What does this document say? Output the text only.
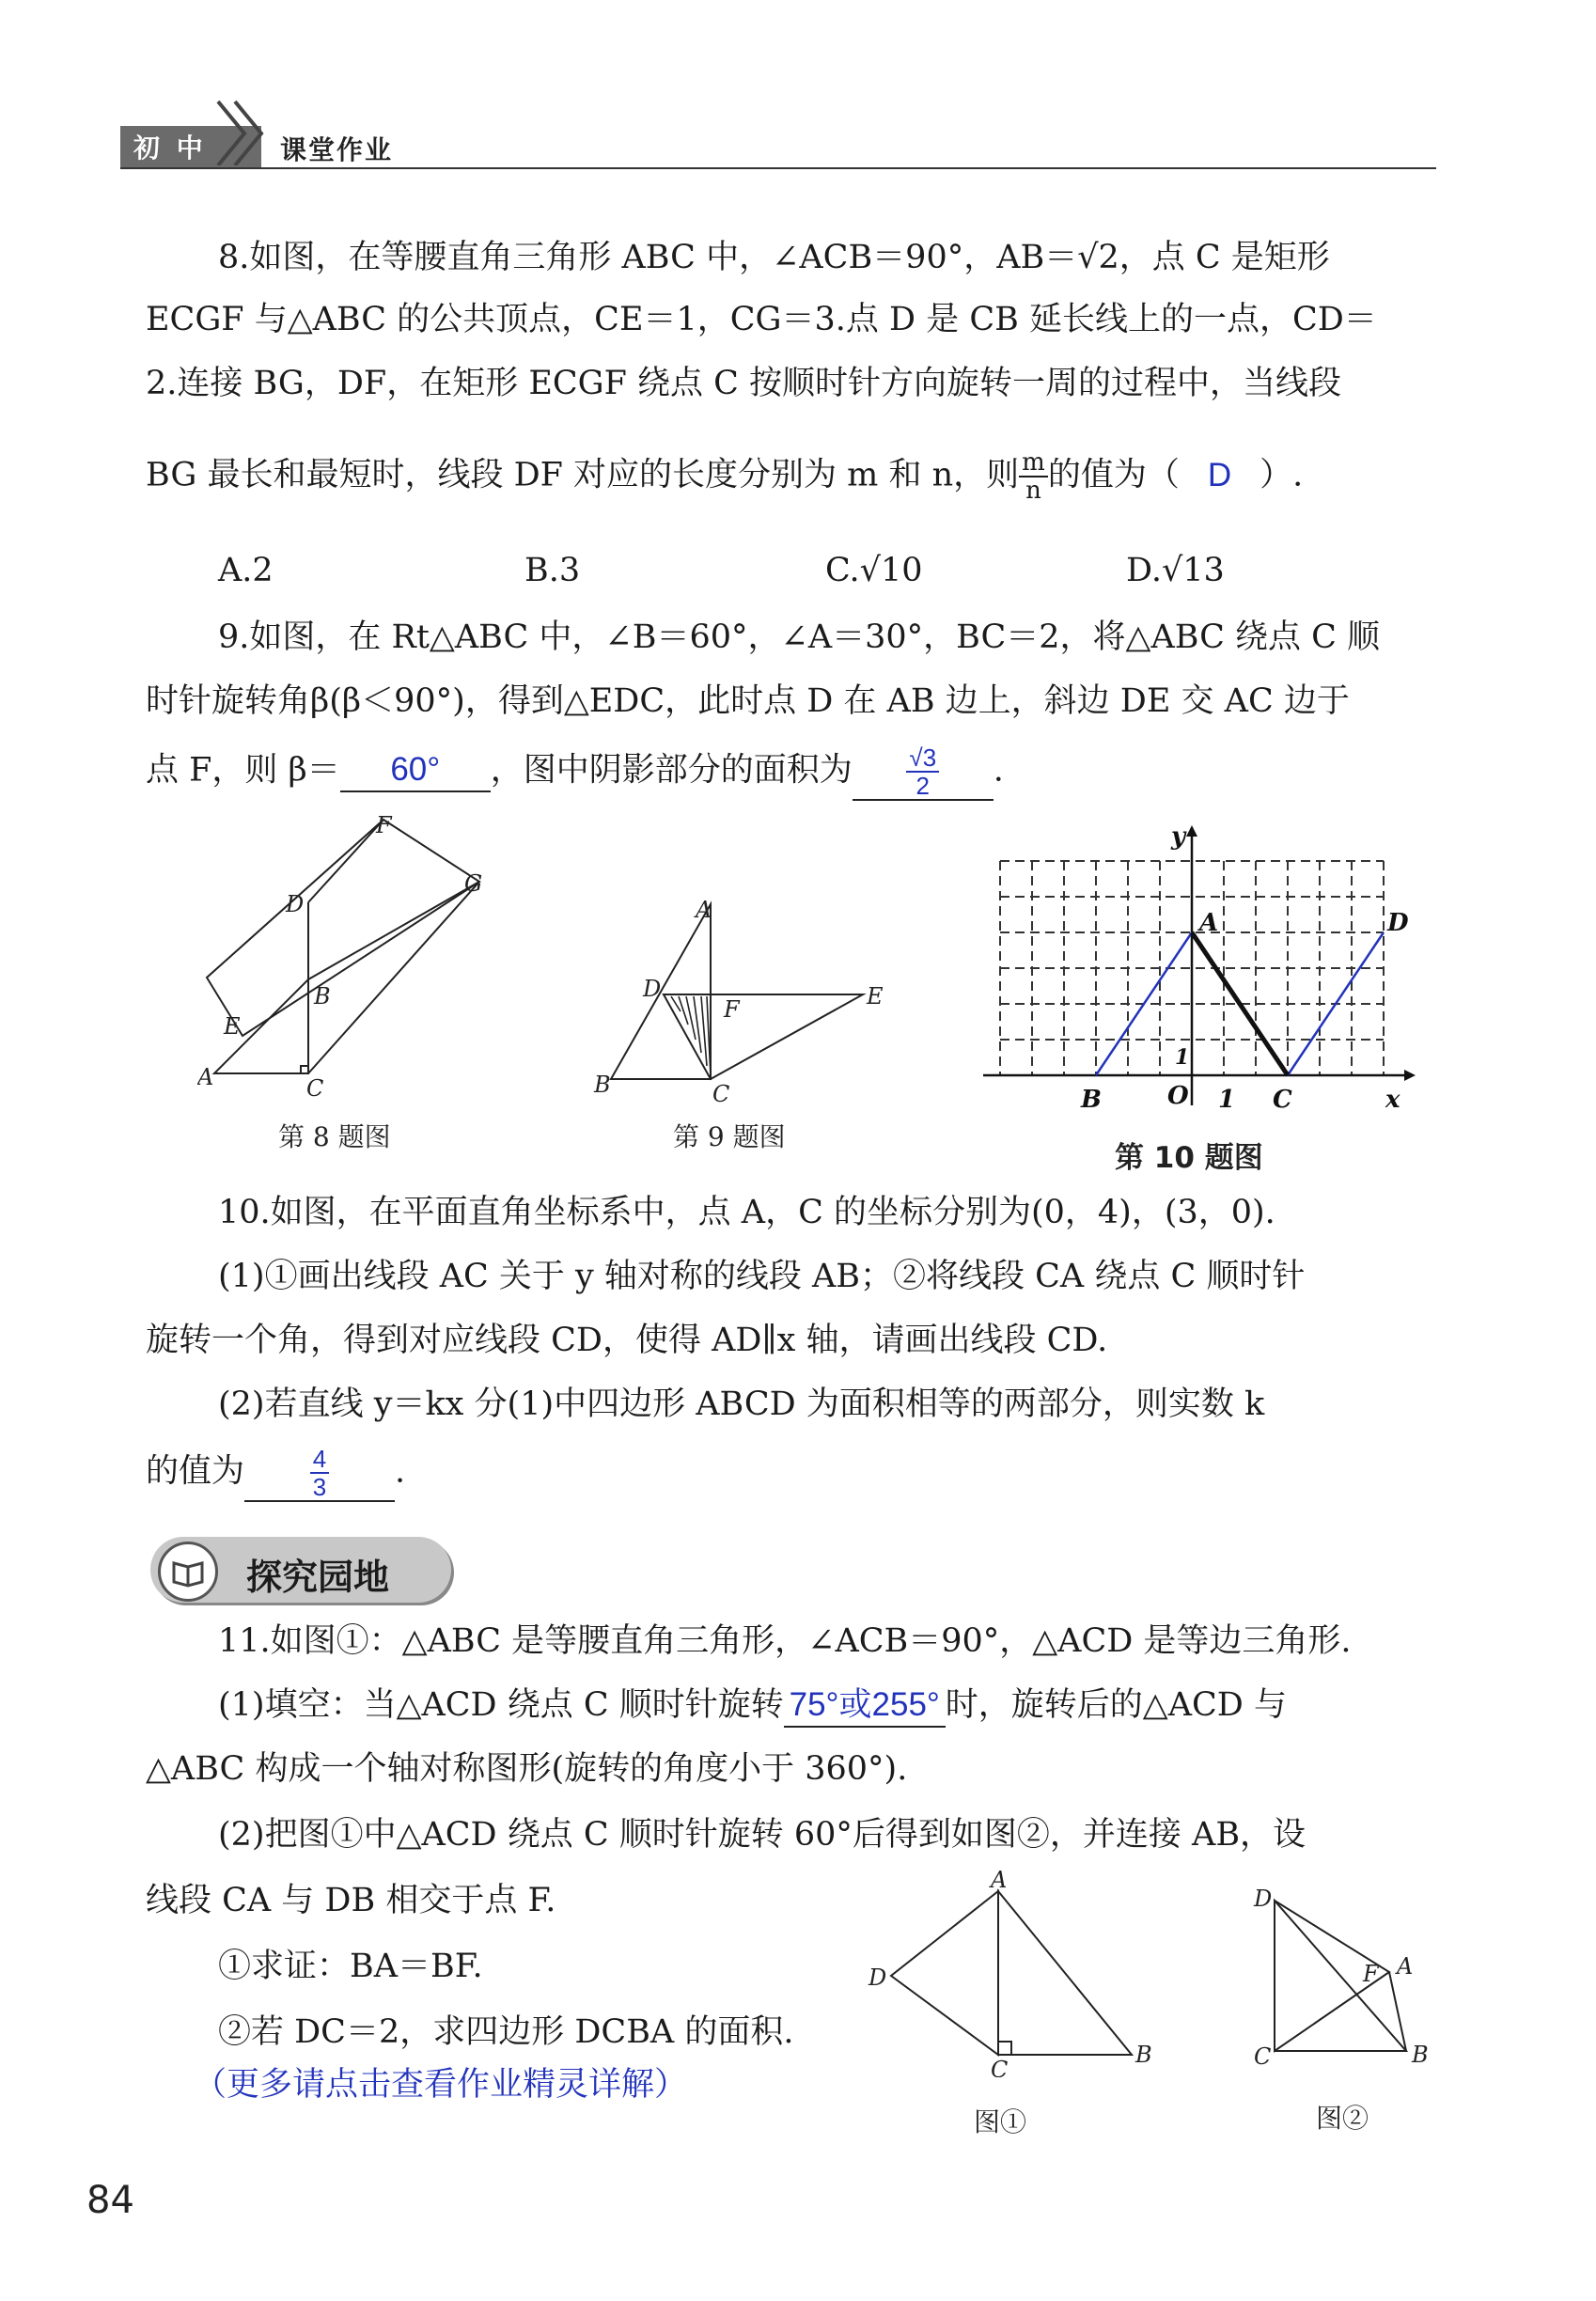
初 中	课堂作业
8.如图，在等腰直角三角形 ABC 中，∠ACB＝90°，AB＝√2，点 C 是矩形
ECGF 与△ABC 的公共顶点，CE＝1，CG＝3.点 D 是 CB 延长线上的一点，CD＝
2.连接 BG，DF，在矩形 ECGF 绕点 C 按顺时针方向旋转一周的过程中，当线段
BG 最长和最短时，线段 DF 对应的长度分别为 m 和 n，则 $\frac{m}{n}$ 的值为（ D ）.
A.2	B.3	C.√10	D.√13
9.如图，在 Rt△ABC 中，∠B＝60°，∠A＝30°，BC＝2，将△ABC 绕点 C 顺
时针旋转角β(β＜90°)，得到△EDC，此时点 D 在 AB 边上，斜边 DE 交 AC 边于
点 F，则 β＝ 60° ，图中阴影部分的面积为 $\frac{√3}{2}$ .
F
D
G
B
E
A	C
第 8 题图
A
D
F	E
B	C
第 9 题图
y
A	D
1
B	O 1 C	x
第 10 题图
10.如图，在平面直角坐标系中，点 A，C 的坐标分别为(0，4)，(3，0).
(1)①画出线段 AC 关于 y 轴对称的线段 AB；②将线段 CA 绕点 C 顺时针
旋转一个角，得到对应线段 CD，使得 AD∥x 轴，请画出线段 CD.
(2)若直线 y＝kx 分(1)中四边形 ABCD 为面积相等的两部分，则实数 k
的值为	$\frac{4}{3}$ .
探究园地
11.如图①：△ABC 是等腰直角三角形，∠ACB＝90°，△ACD 是等边三角形.
(1)填空：当△ACD 绕点 C 顺时针旋转 75°或255° 时，旋转后的△ACD 与
△ABC 构成一个轴对称图形(旋转的角度小于 360°).
(2)把图①中△ACD 绕点 C 顺时针旋转 60°后得到如图②，并连接 AB，设
线段 CA 与 DB 相交于点 F.
①求证：BA＝BF.
②若 DC＝2，求四边形 DCBA 的面积.
（更多请点击查看作业精灵详解）
A
D
C
B
图①
D
F A
C	B
图②
84
